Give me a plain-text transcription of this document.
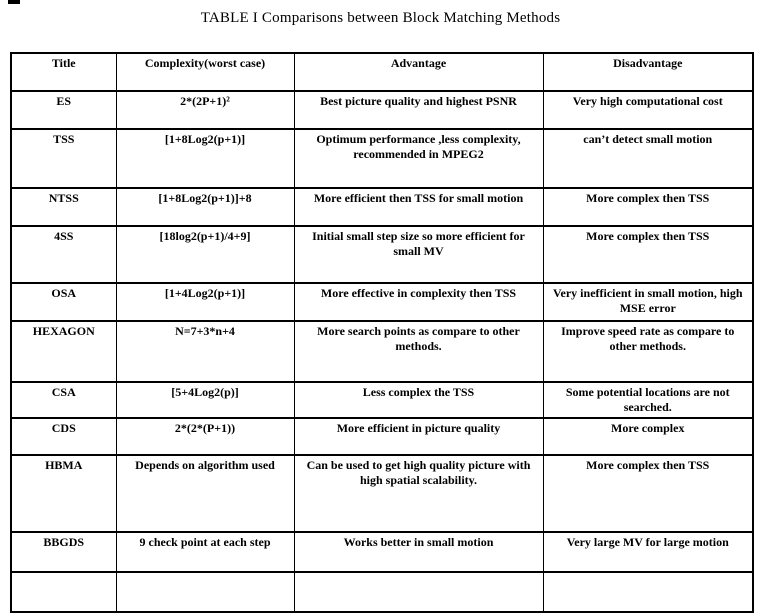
TABLE I Comparisons between Block Matching Methods
Title	Complexity(worst case)	Advantage	Disadvantage
ES	2*(2P+1)²	Best picture quality and highest PSNR	Very high computational cost
TSS	[1+8Log2(p+1)]	Optimum performance ,less complexity, recommended in MPEG2	can’t detect small motion
NTSS	[1+8Log2(p+1)]+8	More efficient then TSS for small motion	More complex then TSS
4SS	[18log2(p+1)/4+9]	Initial small step size so more efficient for small MV	More complex then TSS
OSA	[1+4Log2(p+1)]	More effective in complexity then TSS	Very inefficient in small motion, high MSE error
HEXAGON	N=7+3*n+4	More search points as compare to other methods.	Improve speed rate as compare to other methods.
CSA	[5+4Log2(p)]	Less complex the TSS	Some potential locations are not searched.
CDS	2*(2*(P+1))	More efficient in picture quality	More complex
HBMA	Depends on algorithm used	Can be used to get high quality picture with high spatial scalability.	More complex then TSS
BBGDS	9 check point at each step	Works better in small motion	Very large MV for large motion
